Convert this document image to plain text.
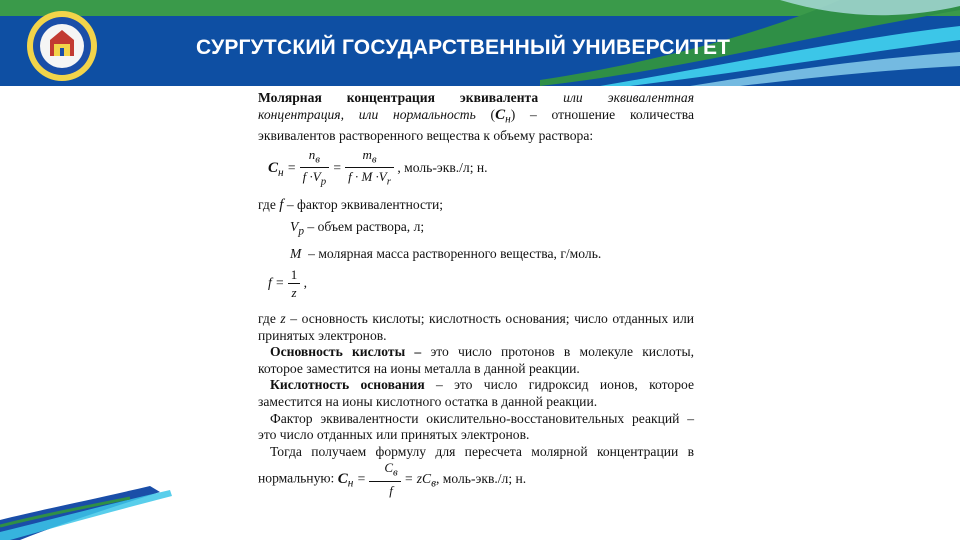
СУРГУТСКИЙ ГОСУДАРСТВЕННЫЙ УНИВЕРСИТЕТ

Молярная концентрация эквивалента или эквивалентная концентрация, или нормальность $(C_н)$ – отношение количества эквивалентов растворенного вещества к объему раствора:

$C_н = \frac{n_в}{f \cdot V_р} = \frac{m_в}{f \cdot M \cdot V_r}$ , моль-экв./л; н.

где f – фактор эквивалентности;

$V_р$ – объем раствора, л;

M – молярная масса растворенного вещества, г/моль.

$f = \frac{1}{z}$ ,

где z – основность кислоты; кислотность основания; число отданных или принятых электронов.

Основность кислоты – это число протонов в молекуле кислоты, которое заместится на ионы металла в данной реакции.

Кислотность основания – это число гидроксид ионов, которое заместится на ионы кислотного остатка в данной реакции.

Фактор эквивалентности окислительно-восстановительных реакций – это число отданных или принятых электронов.

Тогда получаем формулу для пересчета молярной концентрации в нормальную: $C_н = \frac{C_в}{f} = zC_в$, моль-экв./л; н.
